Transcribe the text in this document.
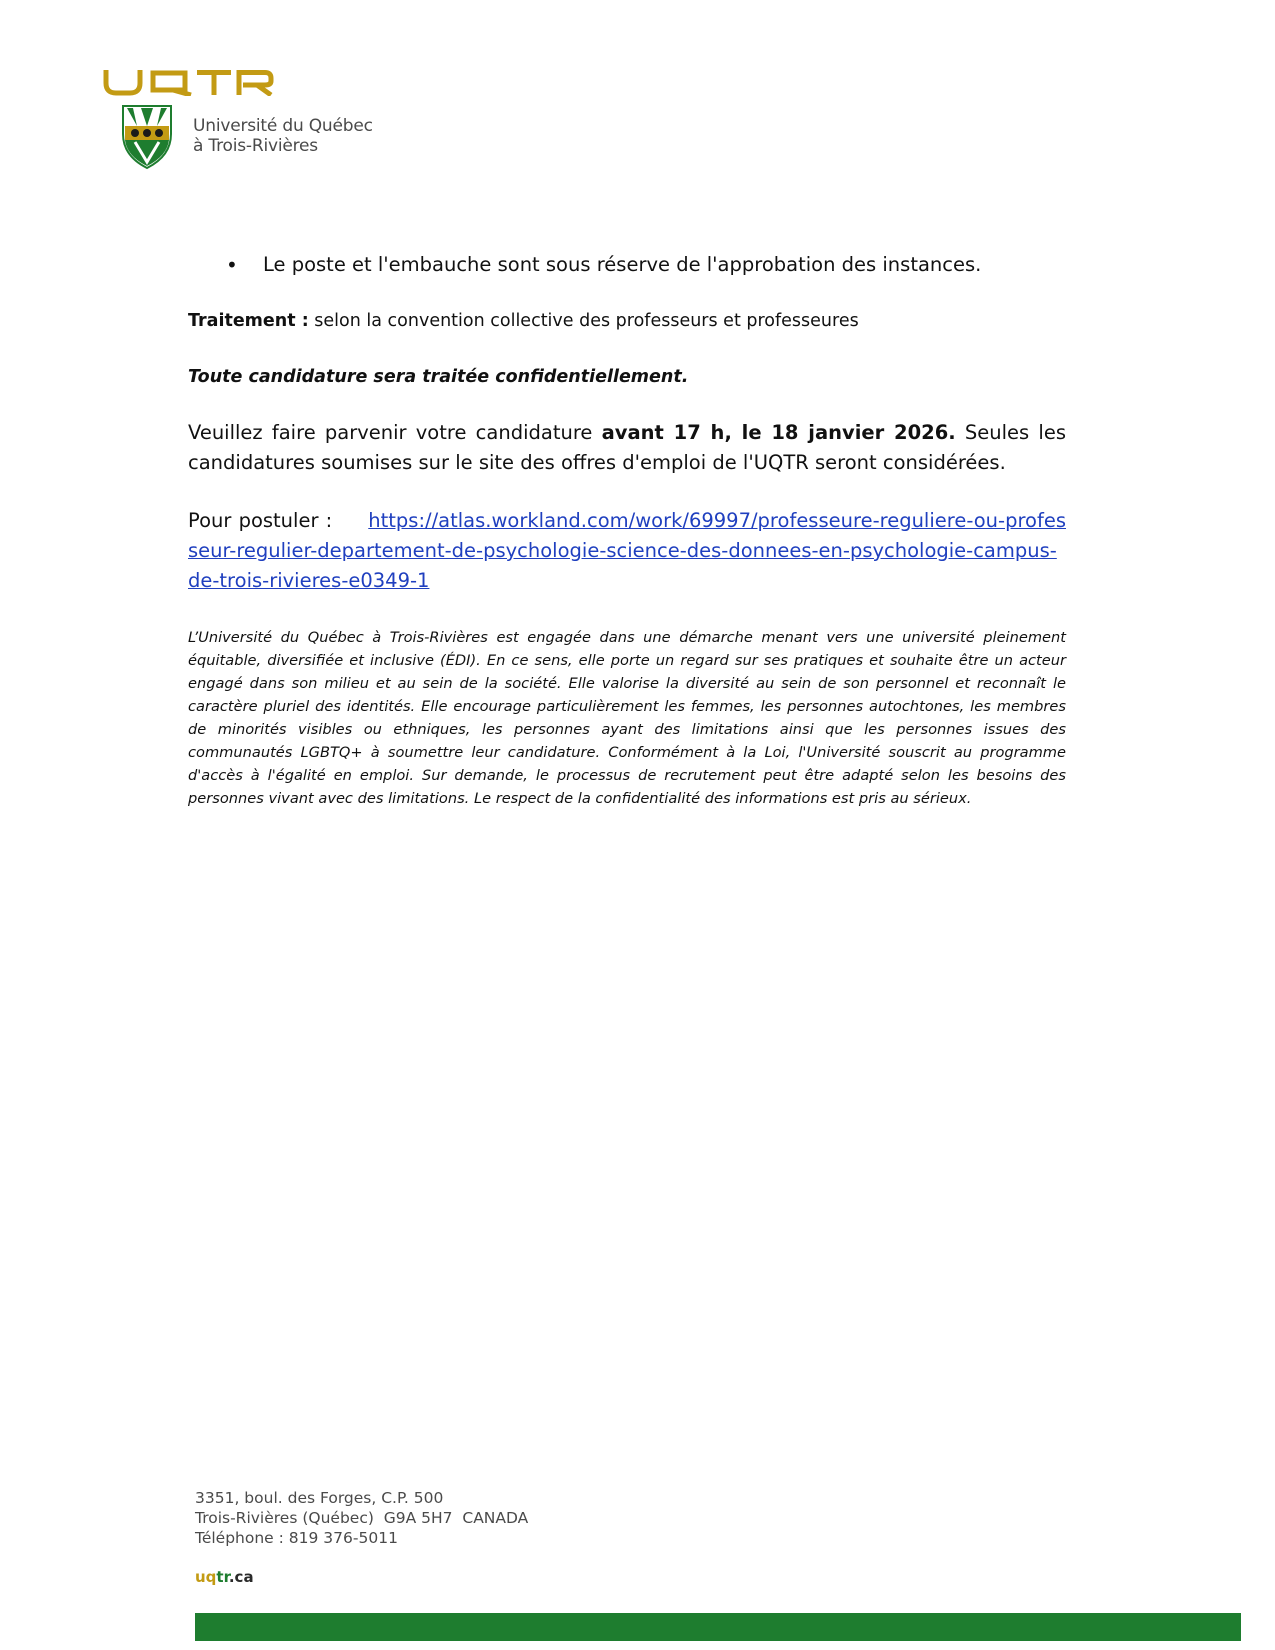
Université du Québec
à Trois-Rivières

• Le poste et l'embauche sont sous réserve de l'approbation des instances.

Traitement : selon la convention collective des professeurs et professeures

Toute candidature sera traitée confidentiellement.

Veuillez faire parvenir votre candidature avant 17 h, le 18 janvier 2026. Seules les candidatures soumises sur le site des offres d'emploi de l'UQTR seront considérées.

Pour postuler : https://atlas.workland.com/work/69997/professeure-reguliere-ou-professeur-regulier-departement-de-psychologie-science-des-donnees-en-psychologie-campus-de-trois-rivieres-e0349-1

L’Université du Québec à Trois-Rivières est engagée dans une démarche menant vers une université pleinement équitable, diversifiée et inclusive (ÉDI). En ce sens, elle porte un regard sur ses pratiques et souhaite être un acteur engagé dans son milieu et au sein de la société. Elle valorise la diversité au sein de son personnel et reconnaît le caractère pluriel des identités. Elle encourage particulièrement les femmes, les personnes autochtones, les membres de minorités visibles ou ethniques, les personnes ayant des limitations ainsi que les personnes issues des communautés LGBTQ+ à soumettre leur candidature. Conformément à la Loi, l'Université souscrit au programme d'accès à l'égalité en emploi. Sur demande, le processus de recrutement peut être adapté selon les besoins des personnes vivant avec des limitations. Le respect de la confidentialité des informations est pris au sérieux.

3351, boul. des Forges, C.P. 500
Trois-Rivières (Québec)  G9A 5H7  CANADA
Téléphone : 819 376-5011
uqtr.ca
